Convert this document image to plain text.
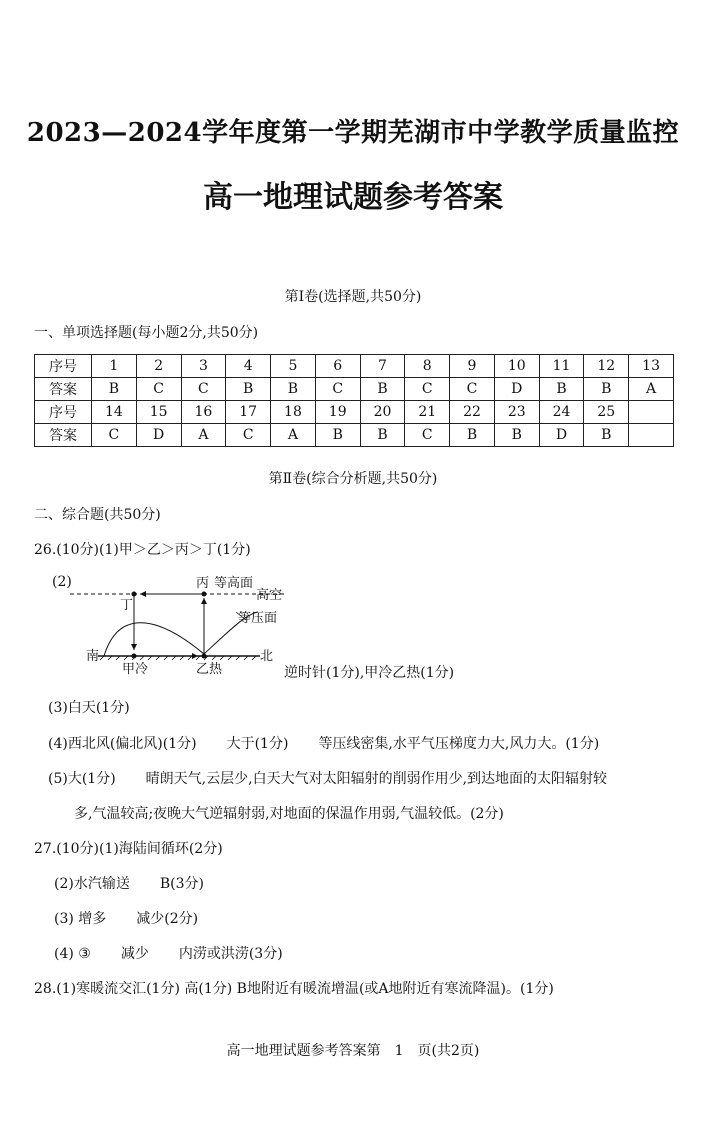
2023—2024学年度第一学期芜湖市中学教学质量监控
高一地理试题参考答案
第Ⅰ卷(选择题,共50分)
一、单项选择题(每小题2分,共50分)
序号	1	2	3	4	5	6	7	8	9	10	11	12	13
答案	B	C	C	B	B	C	B	C	C	D	B	B	A
序号	14	15	16	17	18	19	20	21	22	23	24	25	
答案	C	D	A	C	A	B	B	C	B	B	D	B	
第Ⅱ卷(综合分析题,共50分)
二、综合题(共50分)
26.(10分)(1)甲＞乙＞丙＞丁(1分)
(2)	丙 等高面
高空
丁
等压面
南	北
甲冷	乙热	逆时针(1分),甲冷乙热(1分)
(3)白天(1分)
(4)西北风(偏北风)(1分) 大于(1分) 等压线密集,水平气压梯度力大,风力大。(1分)
(5)大(1分) 晴朗天气,云层少,白天大气对太阳辐射的削弱作用少,到达地面的太阳辐射较
多,气温较高;夜晚大气逆辐射弱,对地面的保温作用弱,气温较低。(2分)
27.(10分)(1)海陆间循环(2分)
(2)水汽输送 B(3分)
(3) 增多 减少(2分)
(4) ③ 减少 内涝或洪涝(3分)
28.(1)寒暖流交汇(1分) 高(1分) B地附近有暖流增温(或A地附近有寒流降温)。(1分)
高一地理试题参考答案第　1　页(共2页)
